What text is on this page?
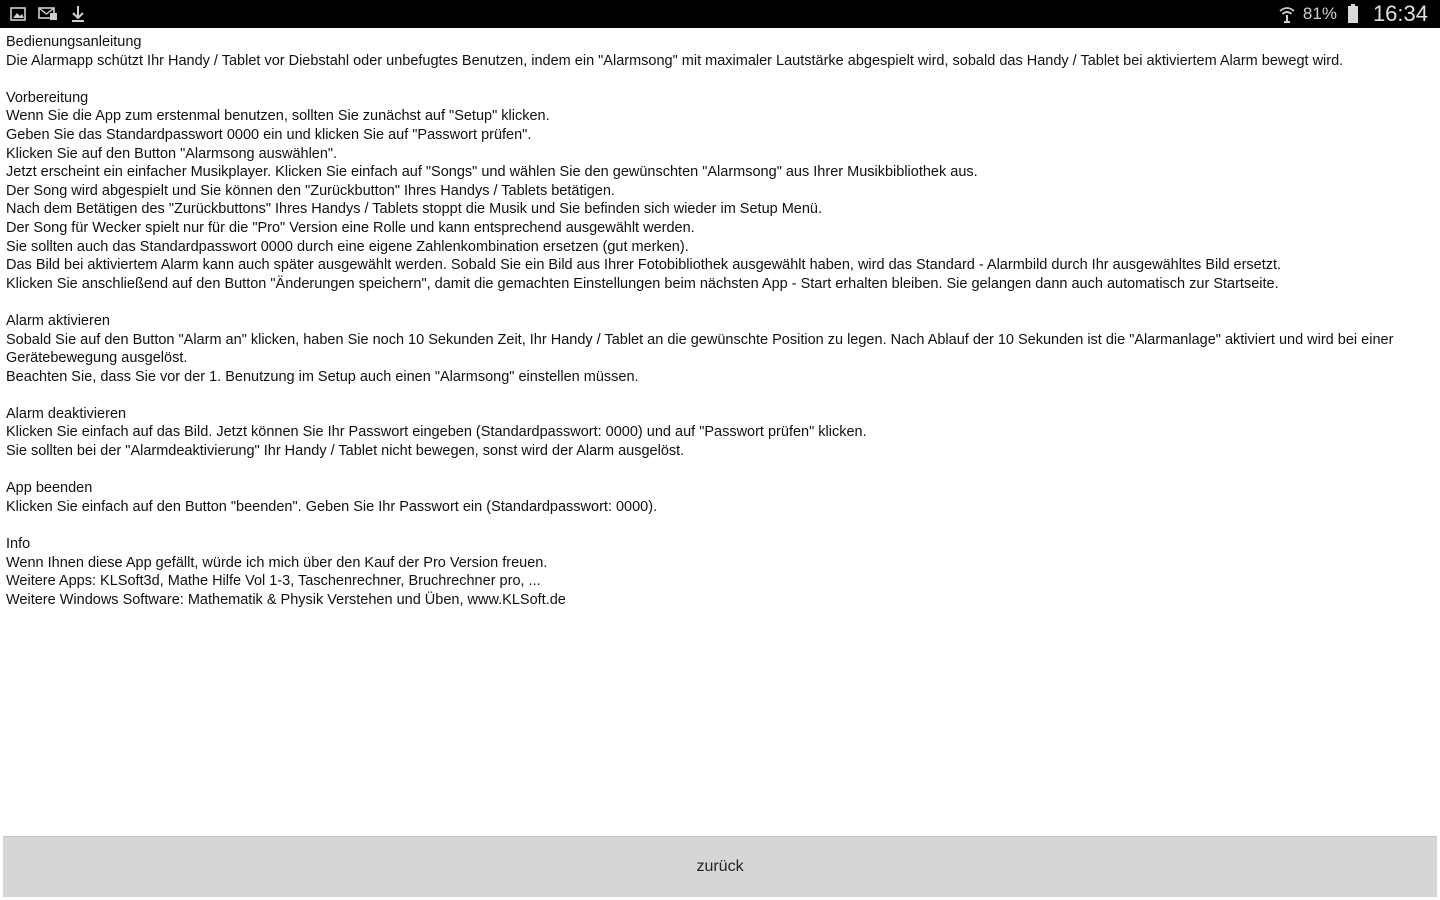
81% 16:34
Bedienungsanleitung
Die Alarmapp schützt Ihr Handy / Tablet vor Diebstahl oder unbefugtes Benutzen, indem ein "Alarmsong" mit maximaler Lautstärke abgespielt wird, sobald das Handy / Tablet bei aktiviertem Alarm bewegt wird.
Vorbereitung
Wenn Sie die App zum erstenmal benutzen, sollten Sie zunächst auf "Setup" klicken.
Geben Sie das Standardpasswort 0000 ein und klicken Sie auf "Passwort prüfen".
Klicken Sie auf den Button "Alarmsong auswählen".
Jetzt erscheint ein einfacher Musikplayer. Klicken Sie einfach auf "Songs" und wählen Sie den gewünschten "Alarmsong" aus Ihrer Musikbibliothek aus.
Der Song wird abgespielt und Sie können den "Zurückbutton" Ihres Handys / Tablets betätigen.
Nach dem Betätigen des "Zurückbuttons" Ihres Handys / Tablets stoppt die Musik und Sie befinden sich wieder im Setup Menü.
Der Song für Wecker spielt nur für die "Pro" Version eine Rolle und kann entsprechend ausgewählt werden.
Sie sollten auch das Standardpasswort 0000 durch eine eigene Zahlenkombination ersetzen (gut merken).
Das Bild bei aktiviertem Alarm kann auch später ausgewählt werden. Sobald Sie ein Bild aus Ihrer Fotobibliothek ausgewählt haben, wird das Standard - Alarmbild durch Ihr ausgewähltes Bild ersetzt.
Klicken Sie anschließend auf den Button "Änderungen speichern", damit die gemachten Einstellungen beim nächsten App - Start erhalten bleiben. Sie gelangen dann auch automatisch zur Startseite.
Alarm aktivieren
Sobald Sie auf den Button "Alarm an" klicken, haben Sie noch 10 Sekunden Zeit, Ihr Handy / Tablet an die gewünschte Position zu legen. Nach Ablauf der 10 Sekunden ist die "Alarmanlage" aktiviert und wird bei einer Gerätebewegung ausgelöst.
Beachten Sie, dass Sie vor der 1. Benutzung im Setup auch einen "Alarmsong" einstellen müssen.
Alarm deaktivieren
Klicken Sie einfach auf das Bild. Jetzt können Sie Ihr Passwort eingeben (Standardpasswort: 0000) und auf "Passwort prüfen" klicken.
Sie sollten bei der "Alarmdeaktivierung" Ihr Handy / Tablet nicht bewegen, sonst wird der Alarm ausgelöst.
App beenden
Klicken Sie einfach auf den Button "beenden". Geben Sie Ihr Passwort ein (Standardpasswort: 0000).
Info
Wenn Ihnen diese App gefällt, würde ich mich über den Kauf der Pro Version freuen.
Weitere Apps: KLSoft3d, Mathe Hilfe Vol 1-3, Taschenrechner, Bruchrechner pro, ...
Weitere Windows Software: Mathematik & Physik Verstehen und Üben, www.KLSoft.de
zurück
